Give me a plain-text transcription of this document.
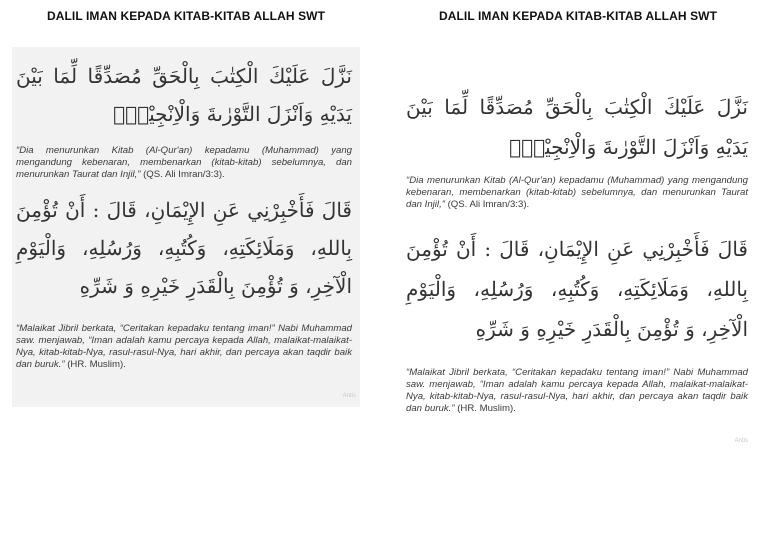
DALIL IMAN KEPADA KITAB-KITAB ALLAH SWT
نَزَّلَ عَلَيْكَ الْكِتٰبَ بِالْحَقِّ مُصَدِّقًا لِّمَا بَيْنَ يَدَيْهِ وَاَنْزَلَ التَّوْرٰىةَ وَالْاِنْجِيْلَۙ
“Dia menurunkan Kitab (Al-Qur'an) kepadamu (Muhammad) yang mengandung kebenaran, membenarkan (kitab-kitab) sebelumnya, dan menurunkan Taurat dan Injil,” (QS. Ali Imran/3:3).
قَالَ فَأَخْبِرْنِي عَنِ الإِيْمَانِ، قَالَ : أَنْ تُؤْمِنَ بِاللهِ، وَمَلَائِكَتِهِ، وَكُتُبِهِ، وَرُسُلِهِ، وَالْيَوْمِ الْآخِرِ، وَ تُؤْمِنَ بِالْقَدَرِ خَيْرِهِ وَ شَرِّهِ
“Malaikat Jibril berkata, “Ceritakan kepadaku tentang iman!” Nabi Muhammad saw. menjawab, “Iman adalah kamu percaya kepada Allah, malaikat-malaikat-Nya, kitab-kitab-Nya, rasul-rasul-Nya, hari akhir, dan percaya akan taqdir baik dan buruk.” (HR. Muslim).
Antis
DALIL IMAN KEPADA KITAB-KITAB ALLAH SWT
نَزَّلَ عَلَيْكَ الْكِتٰبَ بِالْحَقِّ مُصَدِّقًا لِّمَا بَيْنَ يَدَيْهِ وَاَنْزَلَ التَّوْرٰىةَ وَالْاِنْجِيْلَۙ
“Dia menurunkan Kitab (Al-Qur'an) kepadamu (Muhammad) yang mengandung kebenaran, membenarkan (kitab-kitab) sebelumnya, dan menurunkan Taurat dan Injil,” (QS. Ali Imran/3:3).
قَالَ فَأَخْبِرْنِي عَنِ الإِيْمَانِ، قَالَ : أَنْ تُؤْمِنَ بِاللهِ، وَمَلَائِكَتِهِ، وَكُتُبِهِ، وَرُسُلِهِ، وَالْيَوْمِ الْآخِرِ، وَ تُؤْمِنَ بِالْقَدَرِ خَيْرِهِ وَ شَرِّهِ
“Malaikat Jibril berkata, “Ceritakan kepadaku tentang iman!” Nabi Muhammad saw. menjawab, “Iman adalah kamu percaya kepada Allah, malaikat-malaikat-Nya, kitab-kitab-Nya, rasul-rasul-Nya, hari akhir, dan percaya akan taqdir baik dan buruk.” (HR. Muslim).
Antis
